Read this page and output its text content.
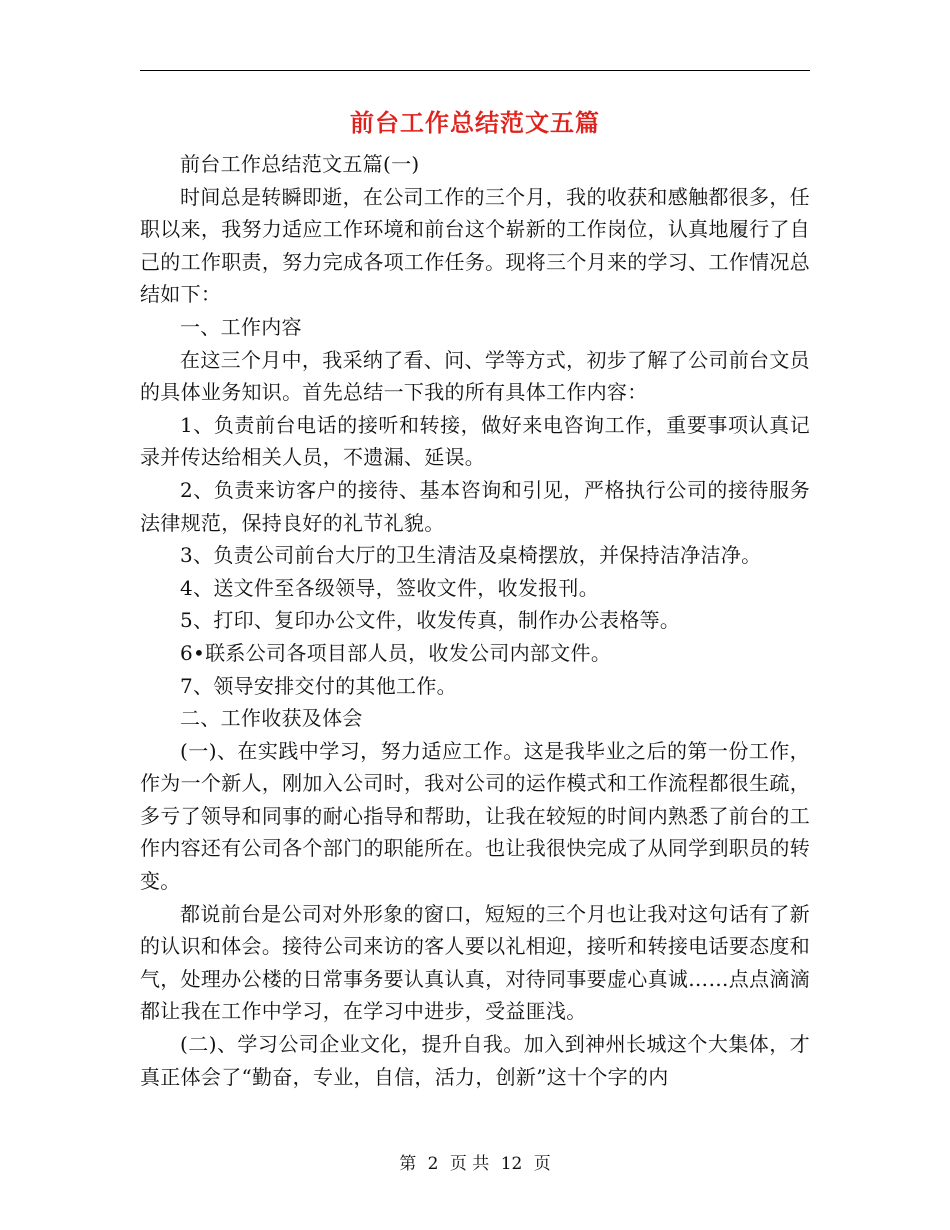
前台工作总结范文五篇

前台工作总结范文五篇(一)

时间总是转瞬即逝，在公司工作的三个月，我的收获和感触都很多，任职以来，我努力适应工作环境和前台这个崭新的工作岗位，认真地履行了自己的工作职责，努力完成各项工作任务。现将三个月来的学习、工作情况总结如下：

一、工作内容

在这三个月中，我采纳了看、问、学等方式，初步了解了公司前台文员的具体业务知识。首先总结一下我的所有具体工作内容：

1、负责前台电话的接听和转接，做好来电咨询工作，重要事项认真记录并传达给相关人员，不遗漏、延误。

2、负责来访客户的接待、基本咨询和引见，严格执行公司的接待服务法律规范，保持良好的礼节礼貌。

3、负责公司前台大厅的卫生清洁及桌椅摆放，并保持洁净洁净。

4、送文件至各级领导，签收文件，收发报刊。

5、打印、复印办公文件，收发传真，制作办公表格等。

6•联系公司各项目部人员，收发公司内部文件。

7、领导安排交付的其他工作。

二、工作收获及体会

(一)、在实践中学习，努力适应工作。这是我毕业之后的第一份工作，作为一个新人，刚加入公司时，我对公司的运作模式和工作流程都很生疏，多亏了领导和同事的耐心指导和帮助，让我在较短的时间内熟悉了前台的工作内容还有公司各个部门的职能所在。也让我很快完成了从同学到职员的转变。

都说前台是公司对外形象的窗口，短短的三个月也让我对这句话有了新的认识和体会。接待公司来访的客人要以礼相迎，接听和转接电话要态度和气，处理办公楼的日常事务要认真认真，对待同事要虚心真诚……点点滴滴都让我在工作中学习，在学习中进步，受益匪浅。

(二)、学习公司企业文化，提升自我。加入到神州长城这个大集体，才真正体会了“勤奋，专业，自信，活力，创新”这十个字的内

第 2 页 共 12 页
